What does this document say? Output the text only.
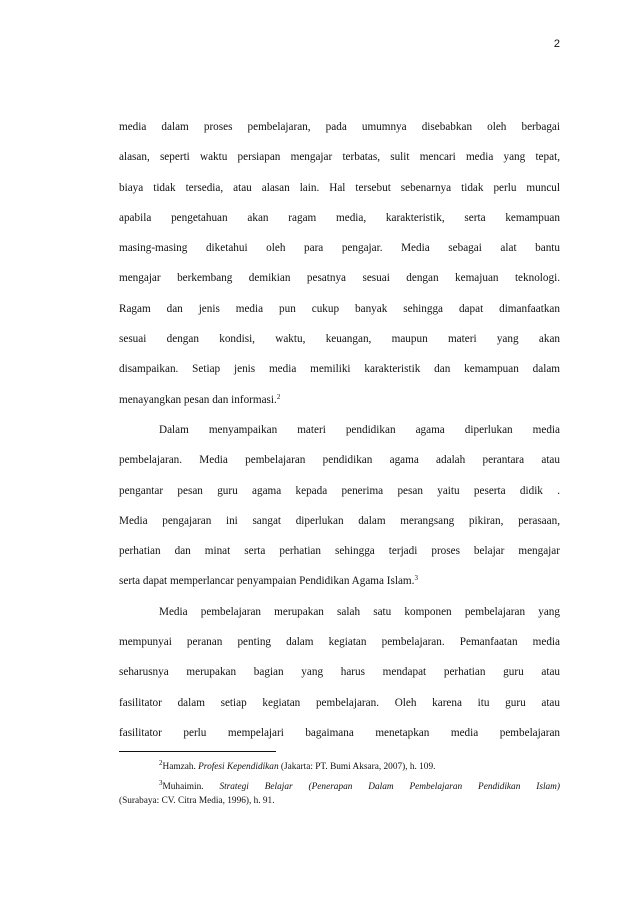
2
media dalam proses pembelajaran, pada umumnya disebabkan oleh berbagai
alasan, seperti waktu persiapan mengajar terbatas, sulit mencari media yang tepat,
biaya tidak tersedia, atau alasan lain. Hal tersebut sebenarnya tidak perlu muncul
apabila pengetahuan akan ragam media, karakteristik, serta kemampuan
masing-masing diketahui oleh para pengajar. Media sebagai alat bantu
mengajar berkembang demikian pesatnya sesuai dengan kemajuan teknologi.
Ragam dan jenis media pun cukup banyak sehingga dapat dimanfaatkan
sesuai dengan kondisi, waktu, keuangan, maupun materi yang akan
disampaikan. Setiap jenis media memiliki karakteristik dan kemampuan dalam
menayangkan pesan dan informasi.$^2$
Dalam menyampaikan materi pendidikan agama diperlukan media
pembelajaran. Media pembelajaran pendidikan agama adalah perantara atau
pengantar pesan guru agama kepada penerima pesan yaitu peserta didik .
Media pengajaran ini sangat diperlukan dalam merangsang pikiran, perasaan,
perhatian dan minat serta perhatian sehingga terjadi proses belajar mengajar
serta dapat memperlancar penyampaian Pendidikan Agama Islam.$^3$
Media pembelajaran merupakan salah satu komponen pembelajaran yang
mempunyai peranan penting dalam kegiatan pembelajaran. Pemanfaatan media
seharusnya merupakan bagian yang harus mendapat perhatian guru atau
fasilitator dalam setiap kegiatan pembelajaran. Oleh karena itu guru atau
fasilitator perlu mempelajari bagaimana menetapkan media pembelajaran
$^2$Hamzah. Profesi Kependidikan (Jakarta: PT. Bumi Aksara, 2007), h. 109.
$^3$Muhaimin. Strategi Belajar (Penerapan Dalam Pembelajaran Pendidikan Islam)
(Surabaya: CV. Citra Media, 1996), h. 91.
